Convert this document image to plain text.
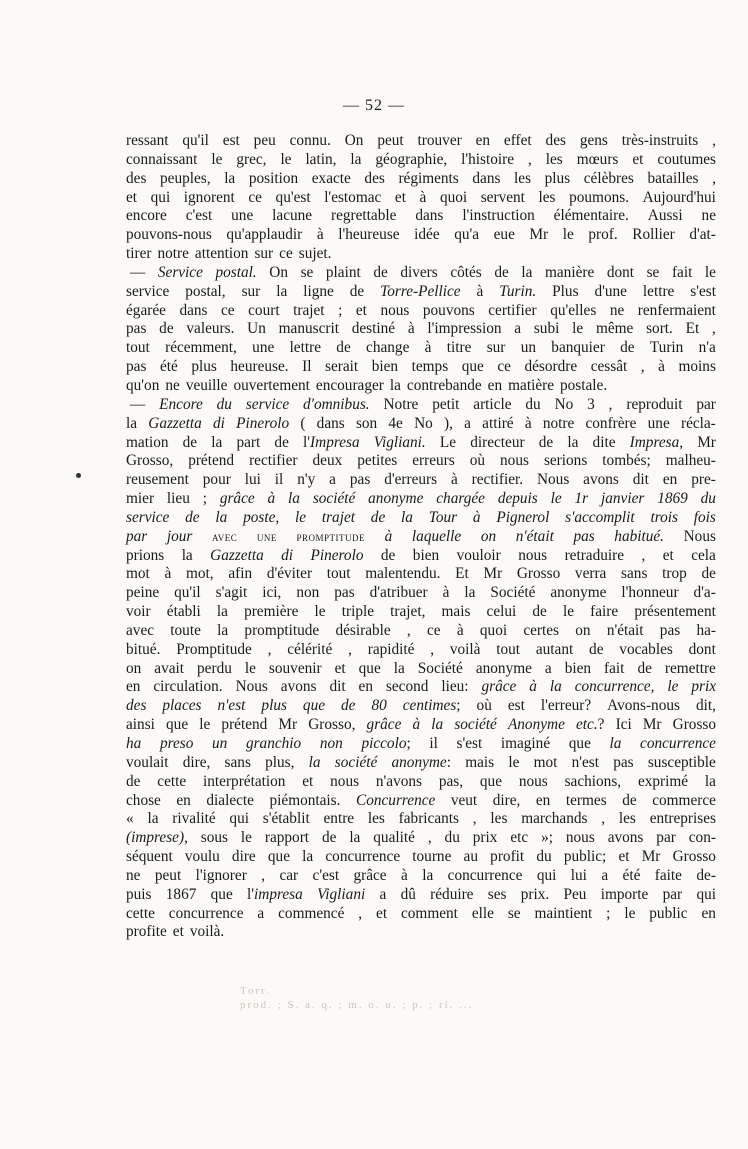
— 52 —
ressant qu'il est peu connu. On peut trouver en effet des gens très-instruits ,
connaissant le grec, le latin, la géographie, l'histoire , les mœurs et coutumes
des peuples, la position exacte des régiments dans les plus célèbres batailles ,
et qui ignorent ce qu'est l'estomac et à quoi servent les poumons. Aujourd'hui
encore c'est une lacune regrettable dans l'instruction élémentaire. Aussi ne
pouvons-nous qu'applaudir à l'heureuse idée qu'a eue Mr le prof. Rollier d'at-
tirer notre attention sur ce sujet.
— Service postal. On se plaint de divers côtés de la manière dont se fait le
service postal, sur la ligne de Torre-Pellice à Turin. Plus d'une lettre s'est
égarée dans ce court trajet ; et nous pouvons certifier qu'elles ne renfermaient
pas de valeurs. Un manuscrit destiné à l'impression a subi le même sort. Et ,
tout récemment, une lettre de change à titre sur un banquier de Turin n'a
pas été plus heureuse. Il serait bien temps que ce désordre cessât , à moins
qu'on ne veuille ouvertement encourager la contrebande en matière postale.
— Encore du service d'omnibus. Notre petit article du No 3 , reproduit par
la Gazzetta di Pinerolo ( dans son 4e No ), a attiré à notre confrère une récla-
mation de la part de l'Impresa Vigliani. Le directeur de la dite Impresa, Mr
Grosso, prétend rectifier deux petites erreurs où nous serions tombés; malheu-
reusement pour lui il n'y a pas d'erreurs à rectifier. Nous avons dit en pre-
mier lieu ; grâce à la société anonyme chargée depuis le 1r janvier 1869 du
service de la poste, le trajet de la Tour à Pignerol s'accomplit trois fois
par jour avec une promptitude à laquelle on n'était pas habitué. Nous
prions la Gazzetta di Pinerolo de bien vouloir nous retraduire , et cela
mot à mot, afin d'éviter tout malentendu. Et Mr Grosso verra sans trop de
peine qu'il s'agit ici, non pas d'atribuer à la Société anonyme l'honneur d'a-
voir établi la première le triple trajet, mais celui de le faire présentement
avec toute la promptitude désirable , ce à quoi certes on n'était pas ha-
bitué. Promptitude , célérité , rapidité , voilà tout autant de vocables dont
on avait perdu le souvenir et que la Société anonyme a bien fait de remettre
en circulation. Nous avons dit en second lieu: grâce à la concurrence, le prix
des places n'est plus que de 80 centimes; où est l'erreur? Avons-nous dit,
ainsi que le prétend Mr Grosso, grâce à la société Anonyme etc.? Ici Mr Grosso
ha preso un granchio non piccolo; il s'est imaginé que la concurrence
voulait dire, sans plus, la société anonyme: mais le mot n'est pas susceptible
de cette interprétation et nous n'avons pas, que nous sachions, exprimé la
chose en dialecte piémontais. Concurrence veut dire, en termes de commerce
« la rivalité qui s'établit entre les fabricants , les marchands , les entreprises
(imprese), sous le rapport de la qualité , du prix etc »; nous avons par con-
séquent voulu dire que la concurrence tourne au profit du public; et Mr Grosso
ne peut l'ignorer , car c'est grâce à la concurrence qui lui a été faite de-
puis 1867 que l'impresa Vigliani a dû réduire ses prix. Peu importe par qui
cette concurrence a commencé , et comment elle se maintient ; le public en
profite et voilà.
Torr.
prod. ; S. a. q. ; m. o. u. ; p. ; ri. ...
